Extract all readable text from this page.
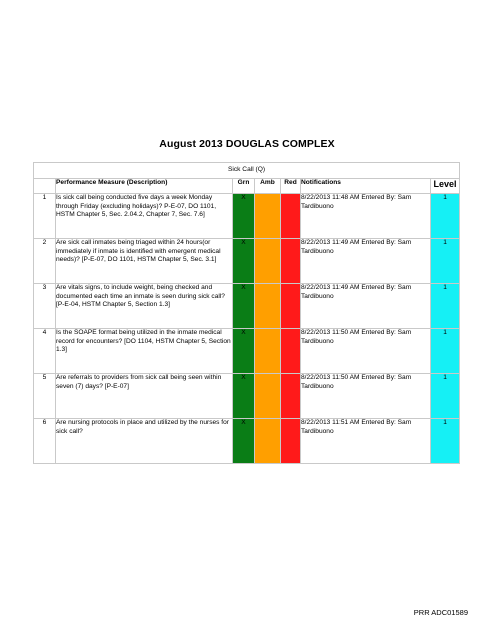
August 2013 DOUGLAS COMPLEX
Sick Call (Q)						
	Performance Measure (Description)	Grn	Amb	Red	Notifications	Level
1	Is sick call being conducted five days a week Monday through Friday (excluding holidays)? P-E-07, DO 1101, HSTM Chapter 5, Sec. 2.04.2, Chapter 7, Sec. 7.6]	X			8/22/2013 11:48 AM Entered By: Sam Tardibuono	1
2	Are sick call inmates being triaged within 24 hours(or immediately if inmate is identified with emergent medical needs)? [P-E-07, DO 1101, HSTM Chapter 5, Sec. 3.1]	X			8/22/2013 11:49 AM Entered By: Sam Tardibuono	1
3	Are vitals signs, to include weight, being checked and documented each time an inmate is seen during sick call? [P-E-04, HSTM Chapter 5, Section 1.3]	X			8/22/2013 11:49 AM Entered By: Sam Tardibuono	1
4	Is the SOAPE format being utilized in the inmate medical record for encounters? [DO 1104, HSTM Chapter 5, Section 1.3]	X			8/22/2013 11:50 AM Entered By: Sam Tardibuono	1
5	Are referrals to providers from sick call being seen within seven (7) days? [P-E-07]	X			8/22/2013 11:50 AM Entered By: Sam Tardibuono	1
6	Are nursing protocols in place and utilized by the nurses for sick call?	X			8/22/2013 11:51 AM Entered By: Sam Tardibuono	1
PRR ADC01589
